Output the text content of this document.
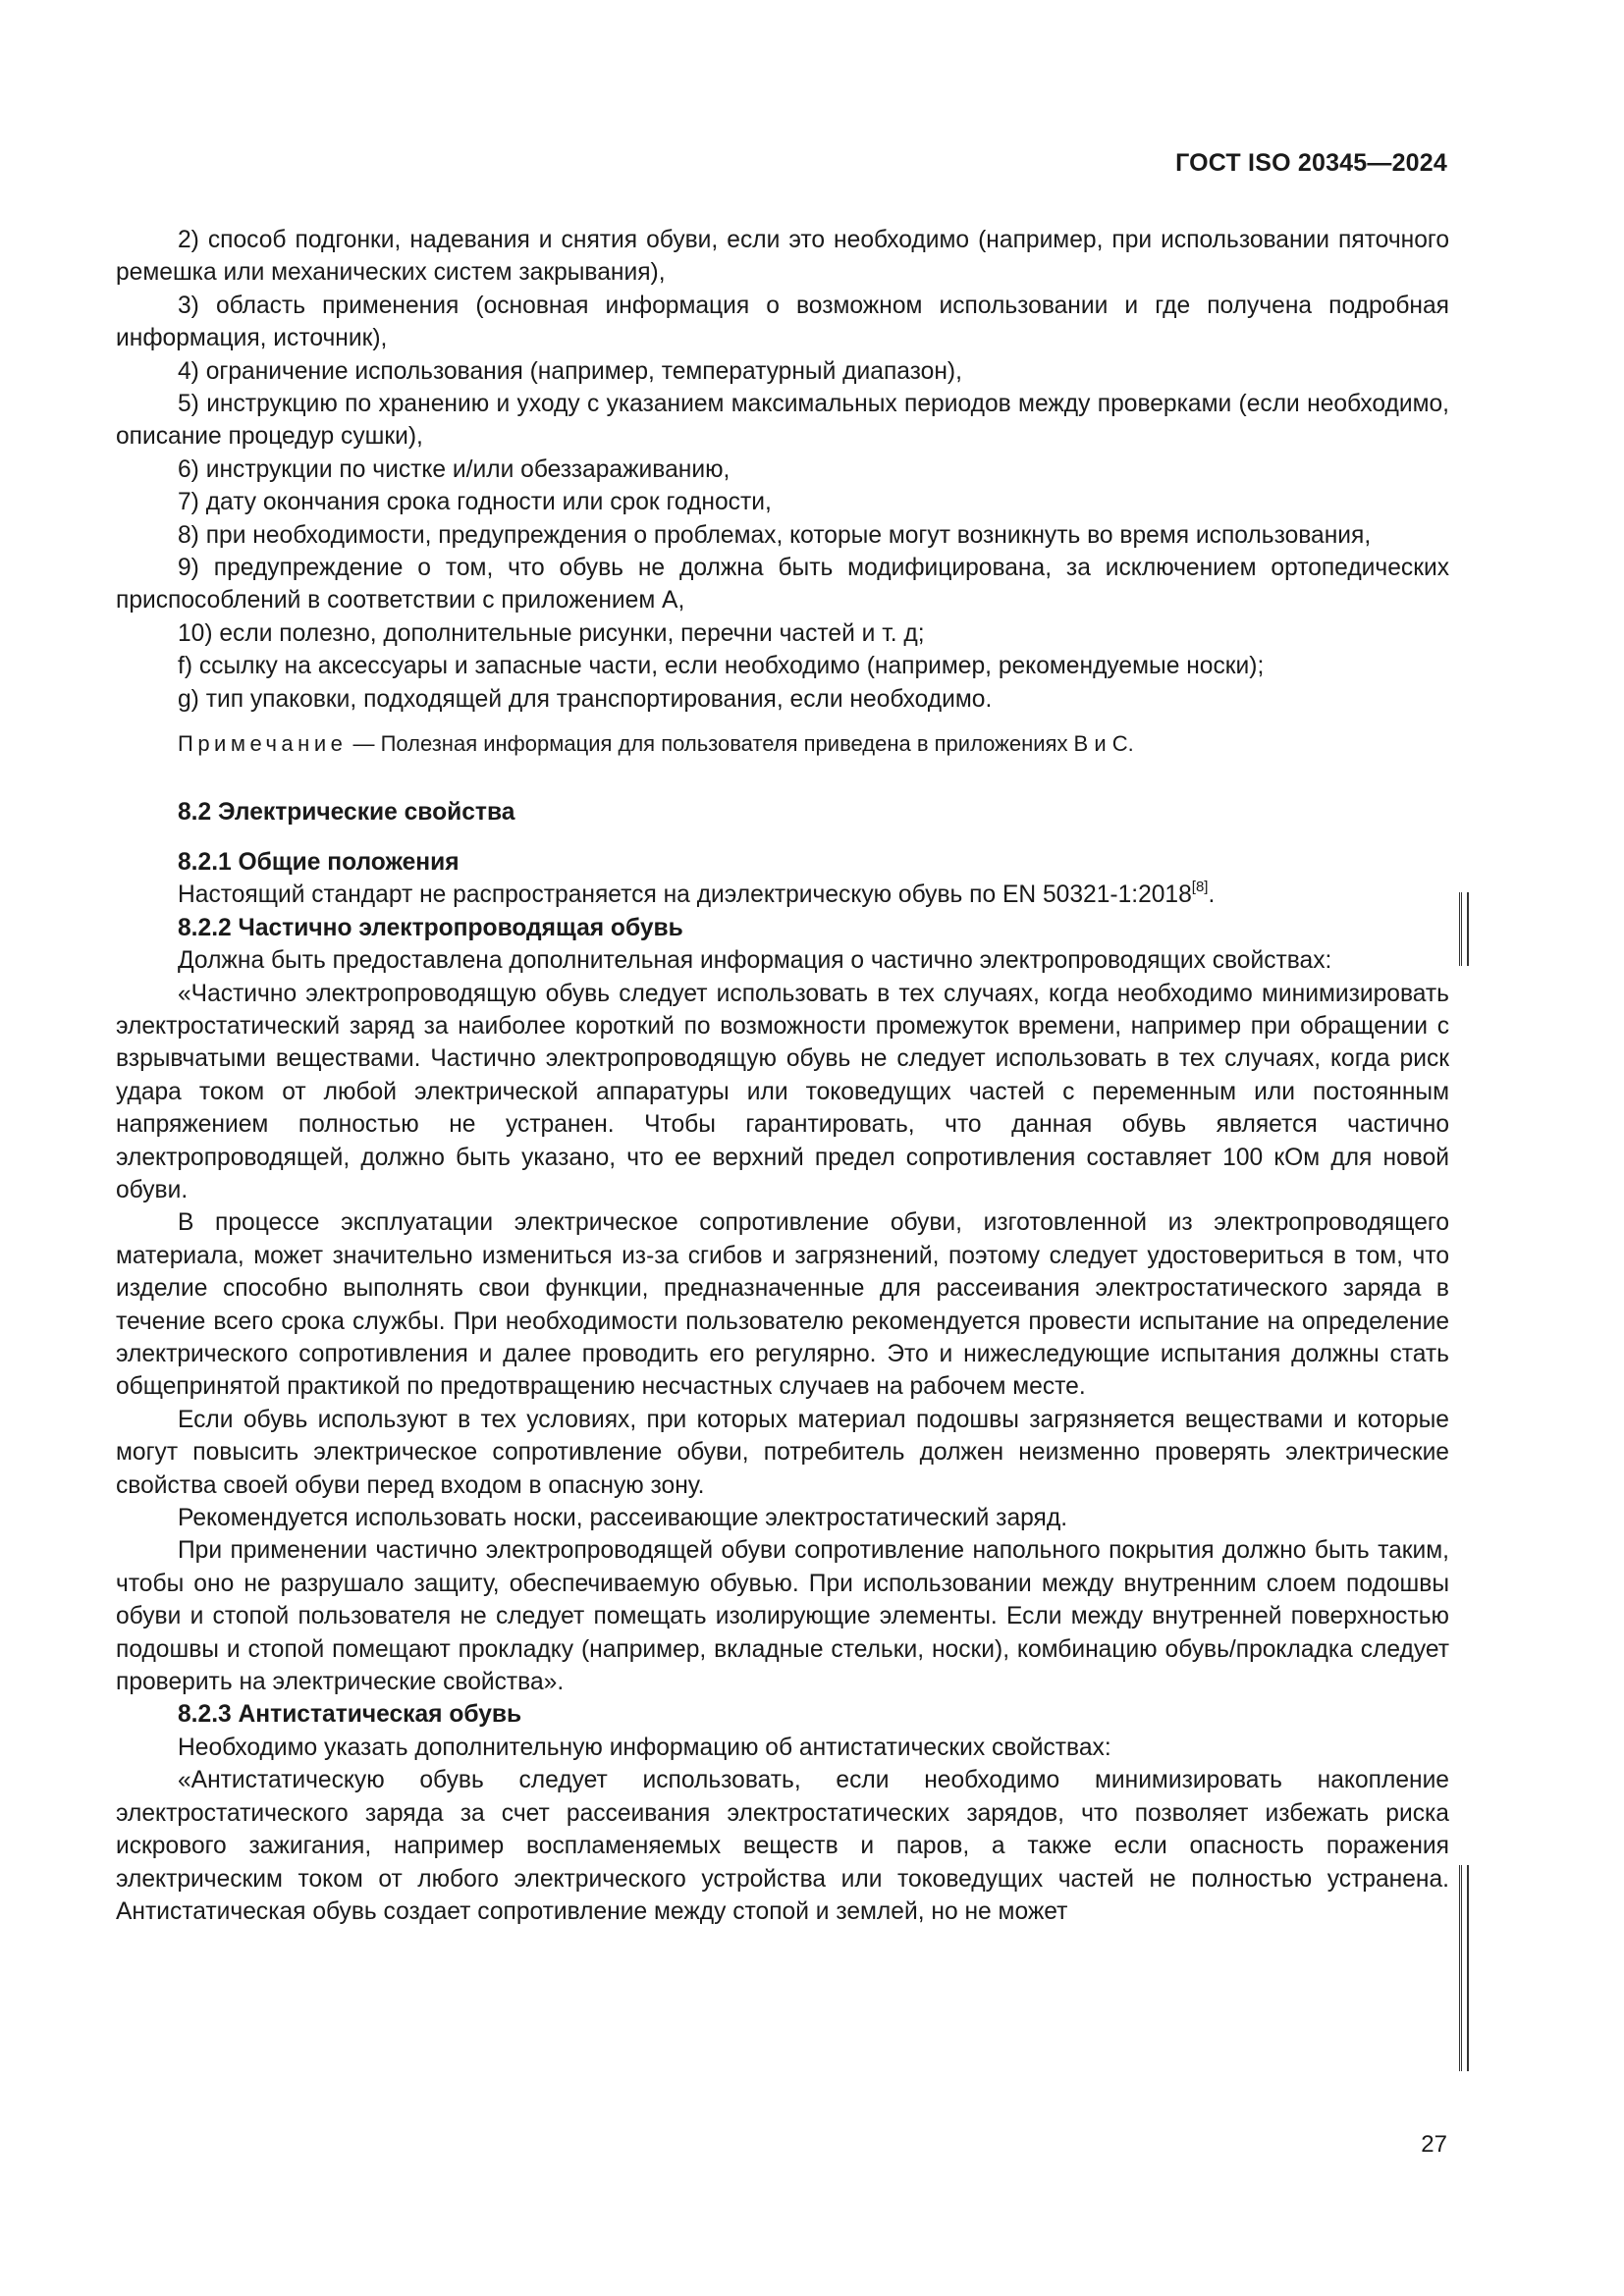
ГОСТ ISO 20345—2024

2) способ подгонки, надевания и снятия обуви, если это необходимо (например, при использовании пяточного ремешка или механических систем закрывания),

3) область применения (основная информация о возможном использовании и где получена подробная информация, источник),

4) ограничение использования (например, температурный диапазон),

5) инструкцию по хранению и уходу с указанием максимальных периодов между проверками (если необходимо, описание процедур сушки),

6) инструкции по чистке и/или обеззараживанию,

7) дату окончания срока годности или срок годности,

8) при необходимости, предупреждения о проблемах, которые могут возникнуть во время использования,

9) предупреждение о том, что обувь не должна быть модифицирована, за исключением ортопедических приспособлений в соответствии с приложением А,

10) если полезно, дополнительные рисунки, перечни частей и т. д;

f) ссылку на аксессуары и запасные части, если необходимо (например, рекомендуемые носки);

g) тип упаковки, подходящей для транспортирования, если необходимо.

Примечание — Полезная информация для пользователя приведена в приложениях В и С.

8.2 Электрические свойства

8.2.1 Общие положения

Настоящий стандарт не распространяется на диэлектрическую обувь по EN 50321-1:2018[8].

8.2.2 Частично электропроводящая обувь

Должна быть предоставлена дополнительная информация о частично электропроводящих свойствах:

«Частично электропроводящую обувь следует использовать в тех случаях, когда необходимо минимизировать электростатический заряд за наиболее короткий по возможности промежуток времени, например при обращении с взрывчатыми веществами. Частично электропроводящую обувь не следует использовать в тех случаях, когда риск удара током от любой электрической аппаратуры или токоведущих частей с переменным или постоянным напряжением полностью не устранен. Чтобы гарантировать, что данная обувь является частично электропроводящей, должно быть указано, что ее верхний предел сопротивления составляет 100 кОм для новой обуви.

В процессе эксплуатации электрическое сопротивление обуви, изготовленной из электропроводящего материала, может значительно измениться из-за сгибов и загрязнений, поэтому следует удостовериться в том, что изделие способно выполнять свои функции, предназначенные для рассеивания электростатического заряда в течение всего срока службы. При необходимости пользователю рекомендуется провести испытание на определение электрического сопротивления и далее проводить его регулярно. Это и нижеследующие испытания должны стать общепринятой практикой по предотвращению несчастных случаев на рабочем месте.

Если обувь используют в тех условиях, при которых материал подошвы загрязняется веществами и которые могут повысить электрическое сопротивление обуви, потребитель должен неизменно проверять электрические свойства своей обуви перед входом в опасную зону.

Рекомендуется использовать носки, рассеивающие электростатический заряд.

При применении частично электропроводящей обуви сопротивление напольного покрытия должно быть таким, чтобы оно не разрушало защиту, обеспечиваемую обувью. При использовании между внутренним слоем подошвы обуви и стопой пользователя не следует помещать изолирующие элементы. Если между внутренней поверхностью подошвы и стопой помещают прокладку (например, вкладные стельки, носки), комбинацию обувь/прокладка следует проверить на электрические свойства».

8.2.3 Антистатическая обувь

Необходимо указать дополнительную информацию об антистатических свойствах:

«Антистатическую обувь следует использовать, если необходимо минимизировать накопление электростатического заряда за счет рассеивания электростатических зарядов, что позволяет избежать риска искрового зажигания, например воспламеняемых веществ и паров, а также если опасность поражения электрическим током от любого электрического устройства или токоведущих частей не полностью устранена. Антистатическая обувь создает сопротивление между стопой и землей, но не может

27
